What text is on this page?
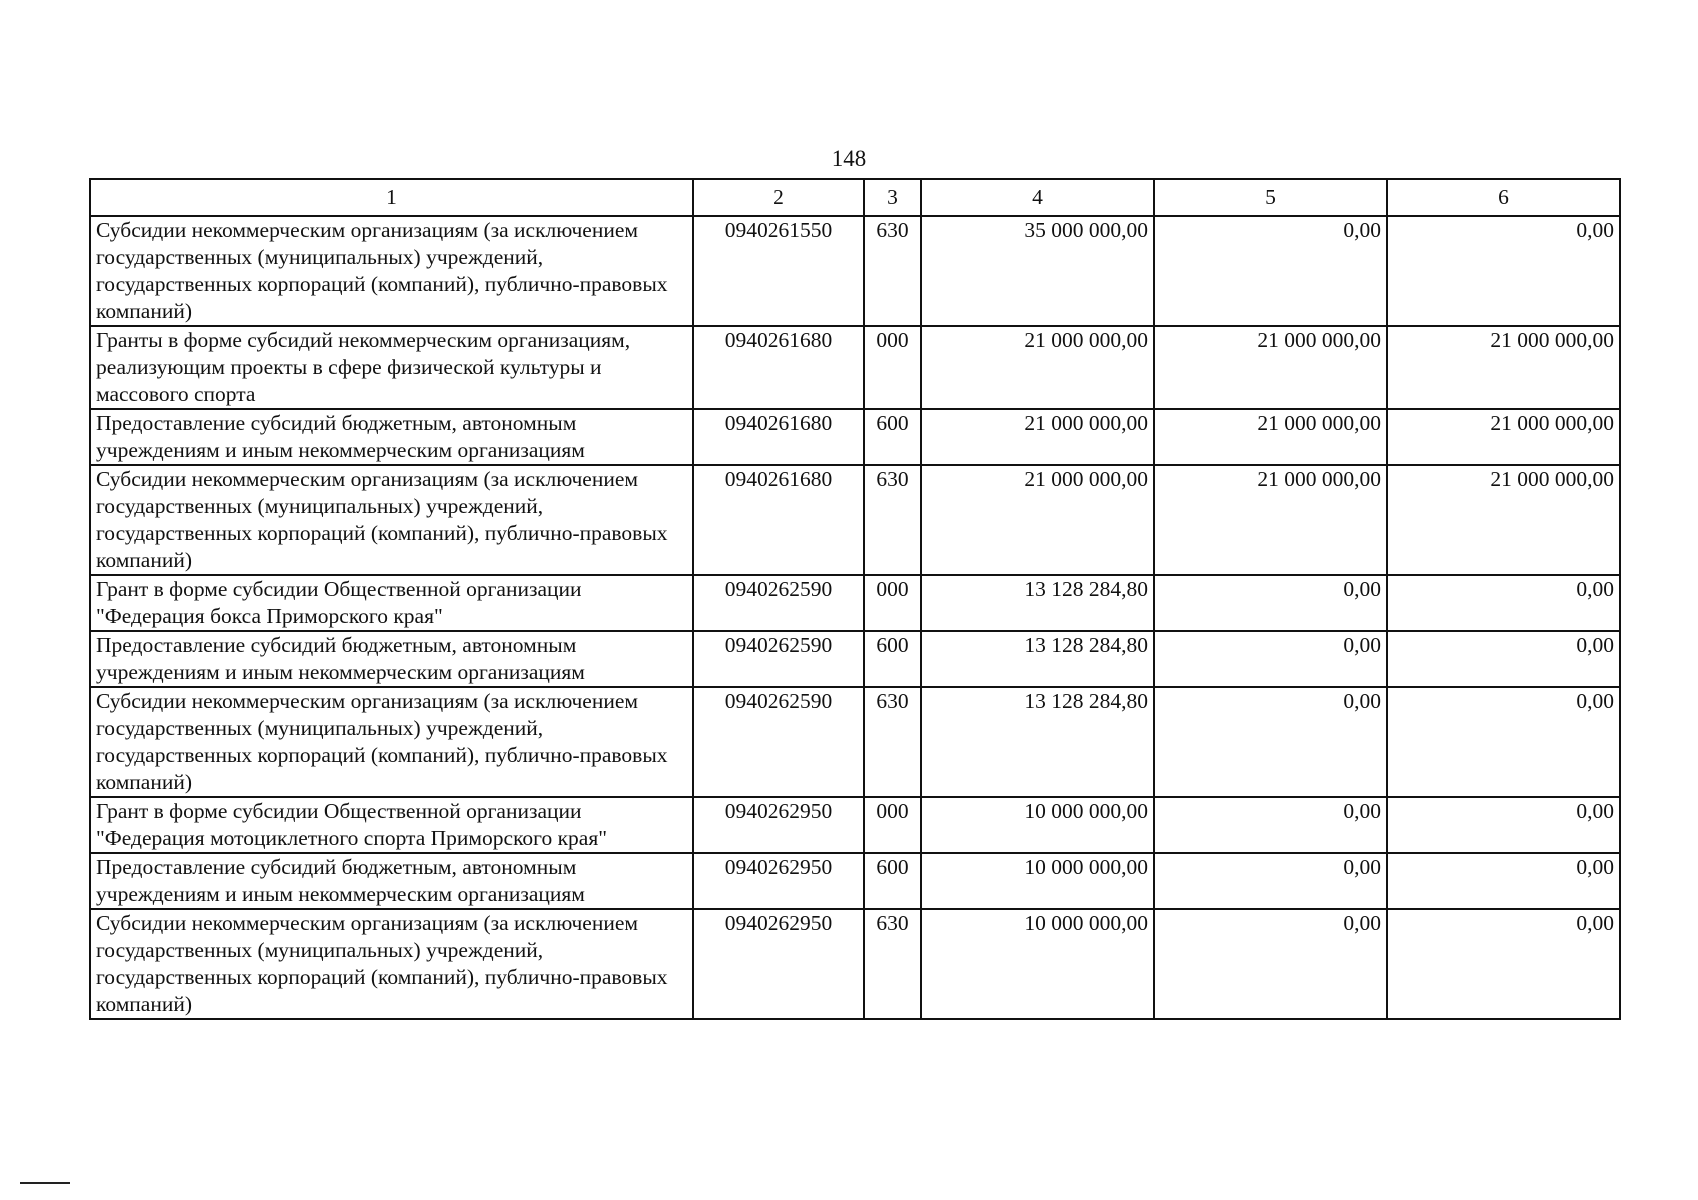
148
1	2	3	4	5	6
Субсидии некоммерческим организациям (за исключением государственных (муниципальных) учреждений, государственных корпораций (компаний), публично-правовых компаний)	0940261550	630	35 000 000,00	0,00	0,00
Гранты в форме субсидий некоммерческим организациям, реализующим проекты в сфере физической культуры и массового спорта	0940261680	000	21 000 000,00	21 000 000,00	21 000 000,00
Предоставление субсидий бюджетным, автономным учреждениям и иным некоммерческим организациям	0940261680	600	21 000 000,00	21 000 000,00	21 000 000,00
Субсидии некоммерческим организациям (за исключением государственных (муниципальных) учреждений, государственных корпораций (компаний), публично-правовых компаний)	0940261680	630	21 000 000,00	21 000 000,00	21 000 000,00
Грант в форме субсидии Общественной организации "Федерация бокса Приморского края"	0940262590	000	13 128 284,80	0,00	0,00
Предоставление субсидий бюджетным, автономным учреждениям и иным некоммерческим организациям	0940262590	600	13 128 284,80	0,00	0,00
Субсидии некоммерческим организациям (за исключением государственных (муниципальных) учреждений, государственных корпораций (компаний), публично-правовых компаний)	0940262590	630	13 128 284,80	0,00	0,00
Грант в форме субсидии Общественной организации "Федерация мотоциклетного спорта Приморского края"	0940262950	000	10 000 000,00	0,00	0,00
Предоставление субсидий бюджетным, автономным учреждениям и иным некоммерческим организациям	0940262950	600	10 000 000,00	0,00	0,00
Субсидии некоммерческим организациям (за исключением государственных (муниципальных) учреждений, государственных корпораций (компаний), публично-правовых компаний)	0940262950	630	10 000 000,00	0,00	0,00
